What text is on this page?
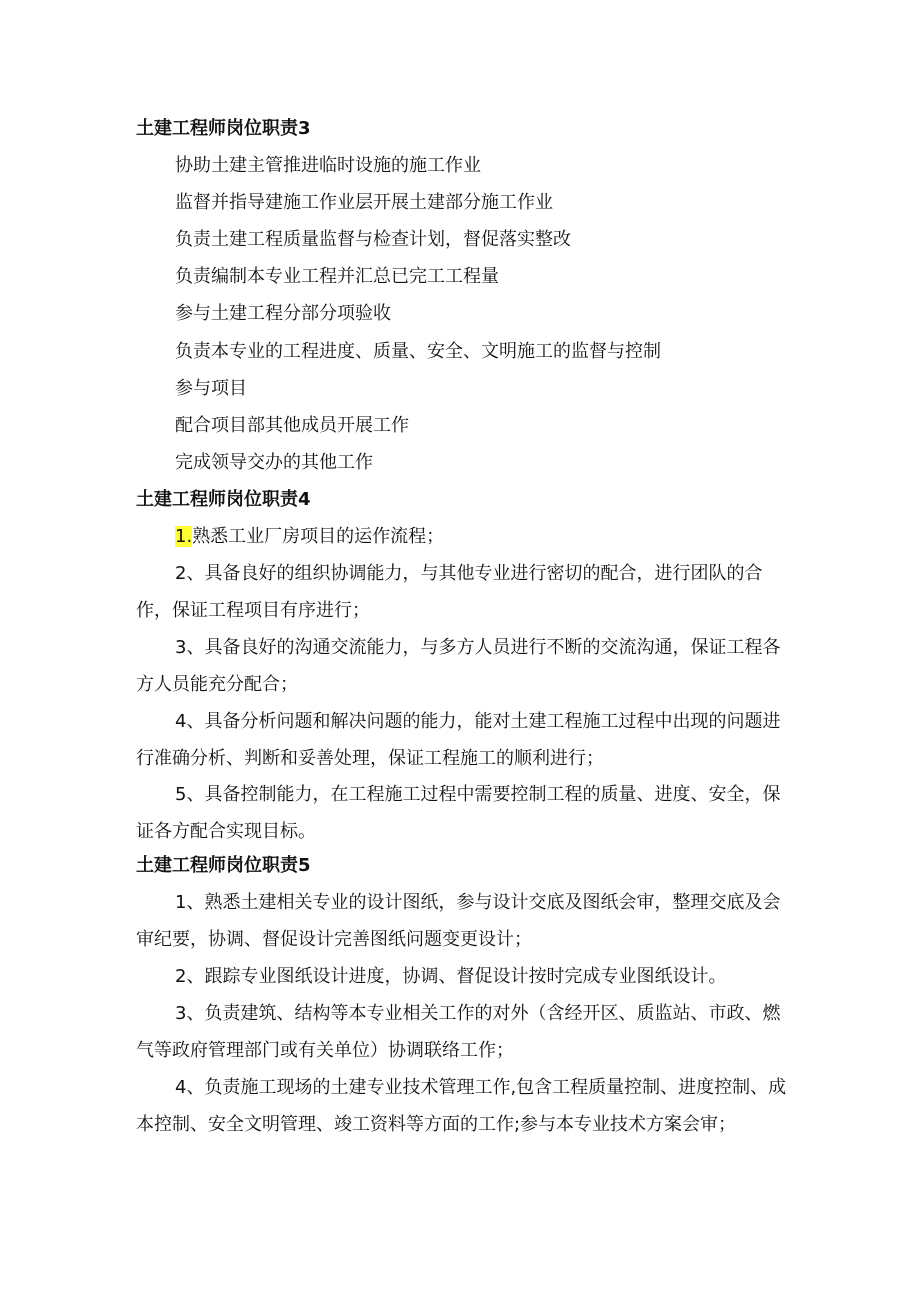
土建工程师岗位职责3
协助土建主管推进临时设施的施工作业
监督并指导建施工作业层开展土建部分施工作业
负责土建工程质量监督与检查计划，督促落实整改
负责编制本专业工程并汇总已完工工程量
参与土建工程分部分项验收
负责本专业的工程进度、质量、安全、文明施工的监督与控制
参与项目
配合项目部其他成员开展工作
完成领导交办的其他工作
土建工程师岗位职责4
1.熟悉工业厂房项目的运作流程；
2、具备良好的组织协调能力，与其他专业进行密切的配合，进行团队的合作，保证工程项目有序进行；
3、具备良好的沟通交流能力，与多方人员进行不断的交流沟通，保证工程各方人员能充分配合；
4、具备分析问题和解决问题的能力，能对土建工程施工过程中出现的问题进行准确分析、判断和妥善处理，保证工程施工的顺利进行；
5、具备控制能力，在工程施工过程中需要控制工程的质量、进度、安全，保证各方配合实现目标。
土建工程师岗位职责5
1、熟悉土建相关专业的设计图纸，参与设计交底及图纸会审，整理交底及会审纪要，协调、督促设计完善图纸问题变更设计；
2、跟踪专业图纸设计进度，协调、督促设计按时完成专业图纸设计。
3、负责建筑、结构等本专业相关工作的对外（含经开区、质监站、市政、燃气等政府管理部门或有关单位）协调联络工作；
4、负责施工现场的土建专业技术管理工作,包含工程质量控制、进度控制、成本控制、安全文明管理、竣工资料等方面的工作;参与本专业技术方案会审；
